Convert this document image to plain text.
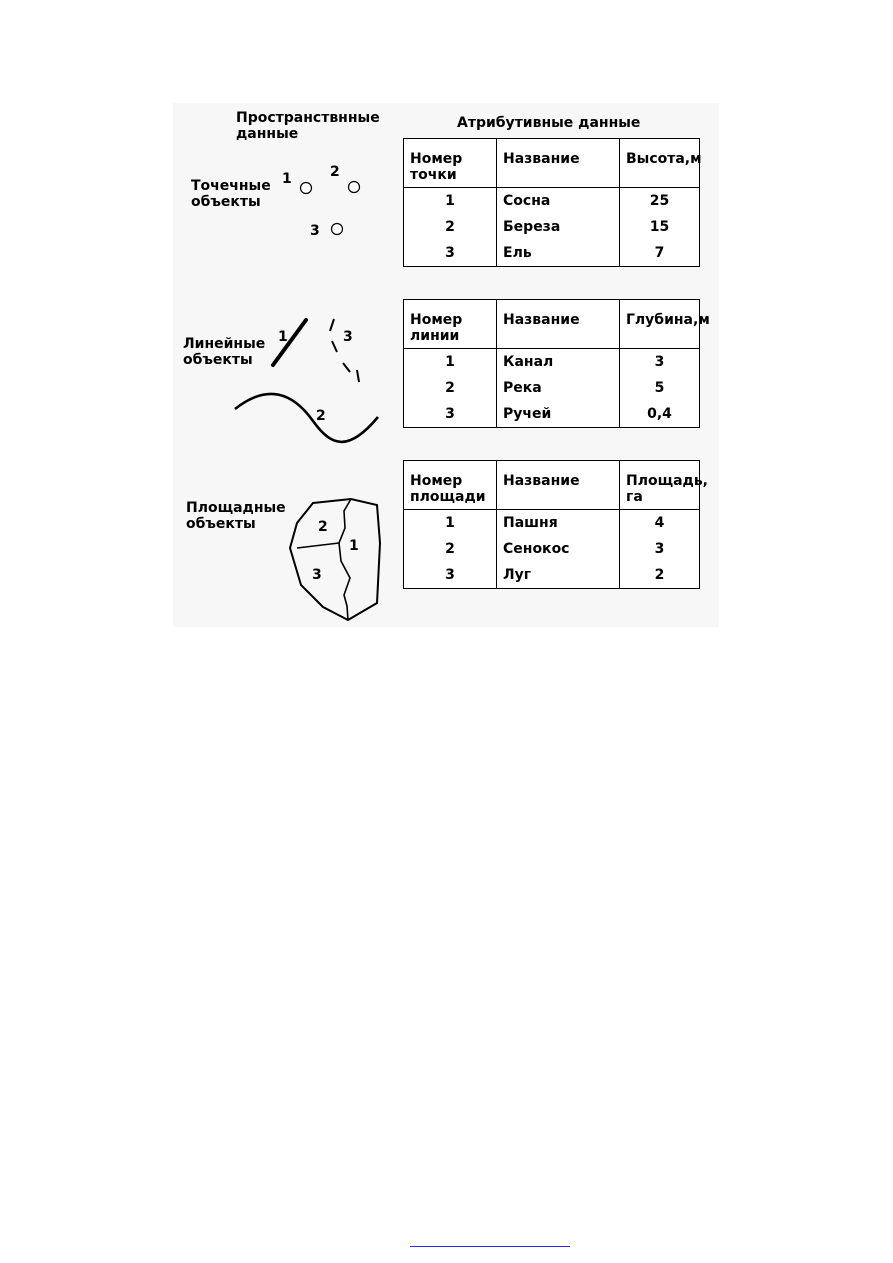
Пространствнные
данные
Атрибутивные данные
Точечные
объекты
1	2
3
Линейные
объекты
1	3
2
Площадные
объекты
1
2
3
Номер
точки	Название	Высота,м
1	Сосна	25
2	Береза	15
3	Ель	7
Номер
линии	Название	Глубина,м
1	Канал	3
2	Река	5
3	Ручей	0,4
Номер
площади	Название	Площадь, га
1	Пашня	4
2	Сенокос	3
3	Луг	2
